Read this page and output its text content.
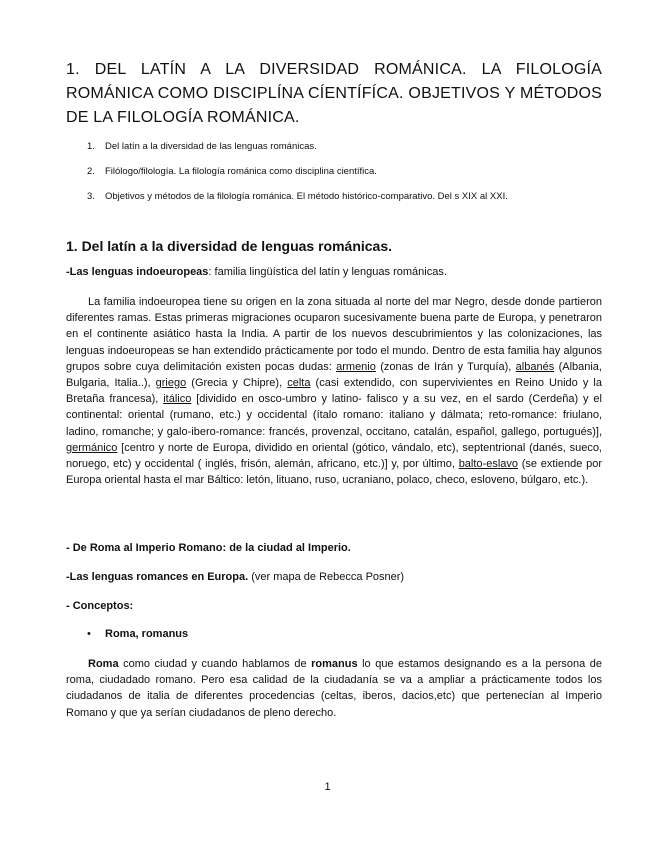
1. DEL LATÍN A LA DIVERSIDAD ROMÁNICA. LA FILOLOGÍA ROMÁNICA COMO DISCIPLÍNA CÍENTÍFÍCA. OBJETIVOS Y MÉTODOS DE LA FILOLOGÍA ROMÁNICA.
1. Del latín a la diversidad de las lenguas románicas.
2. Filólogo/filología. La filología románica como disciplina científica.
3. Objetivos y métodos de la filología románica. El método histórico-comparativo. Del s XIX al XXI.
1. Del latín a la diversidad de lenguas románicas.
-Las lenguas indoeuropeas: familia lingüística del latín y lenguas románicas.

La familia indoeuropea tiene su origen en la zona situada al norte del mar Negro, desde donde partieron diferentes ramas. Estas primeras migraciones ocuparon sucesivamente buena parte de Europa, y penetraron en el continente asiático hasta la India. A partir de los nuevos descubrimientos y las colonizaciones, las lenguas indoeuropeas se han extendido prácticamente por todo el mundo. Dentro de esta familia hay algunos grupos sobre cuya delimitación existen pocas dudas: armenio (zonas de Irán y Turquía), albanés (Albania, Bulgaria, Italia..), griego (Grecia y Chipre), celta (casi extendido, con supervivientes en Reino Unido y la Bretaña francesa), itálico [dividido en osco-umbro y latino- falisco y a su vez, en el sardo (Cerdeña) y el continental: oriental (rumano, etc.) y occidental (ítalo romano: italiano y dálmata; reto-romance: friulano, ladino, romanche; y galo-ibero-romance: francés, provenzal, occitano, catalán, español, gallego, portugués)], germánico [centro y norte de Europa, dividido en oriental (gótico, vándalo, etc), septentrional (danés, sueco, noruego, etc) y occidental ( inglés, frisón, alemán, africano, etc.)] y, por último, balto-eslavo (se extiende por Europa oriental hasta el mar Báltico: letón, lituano, ruso, ucraniano, polaco, checo, esloveno, búlgaro, etc.).

- De Roma al Imperio Romano: de la ciudad al Imperio.
-Las lenguas romances en Europa. (ver mapa de Rebecca Posner)
- Conceptos:
• Roma, romanus

Roma como ciudad y cuando hablamos de romanus lo que estamos designando es a la persona de roma, ciudadado romano. Pero esa calidad de la ciudadanía se va a ampliar a prácticamente todos los ciudadanos de italia de diferentes procedencias (celtas, iberos, dacios,etc) que pertenecían al Imperio Romano y que ya serían ciudadanos de pleno derecho.

1
